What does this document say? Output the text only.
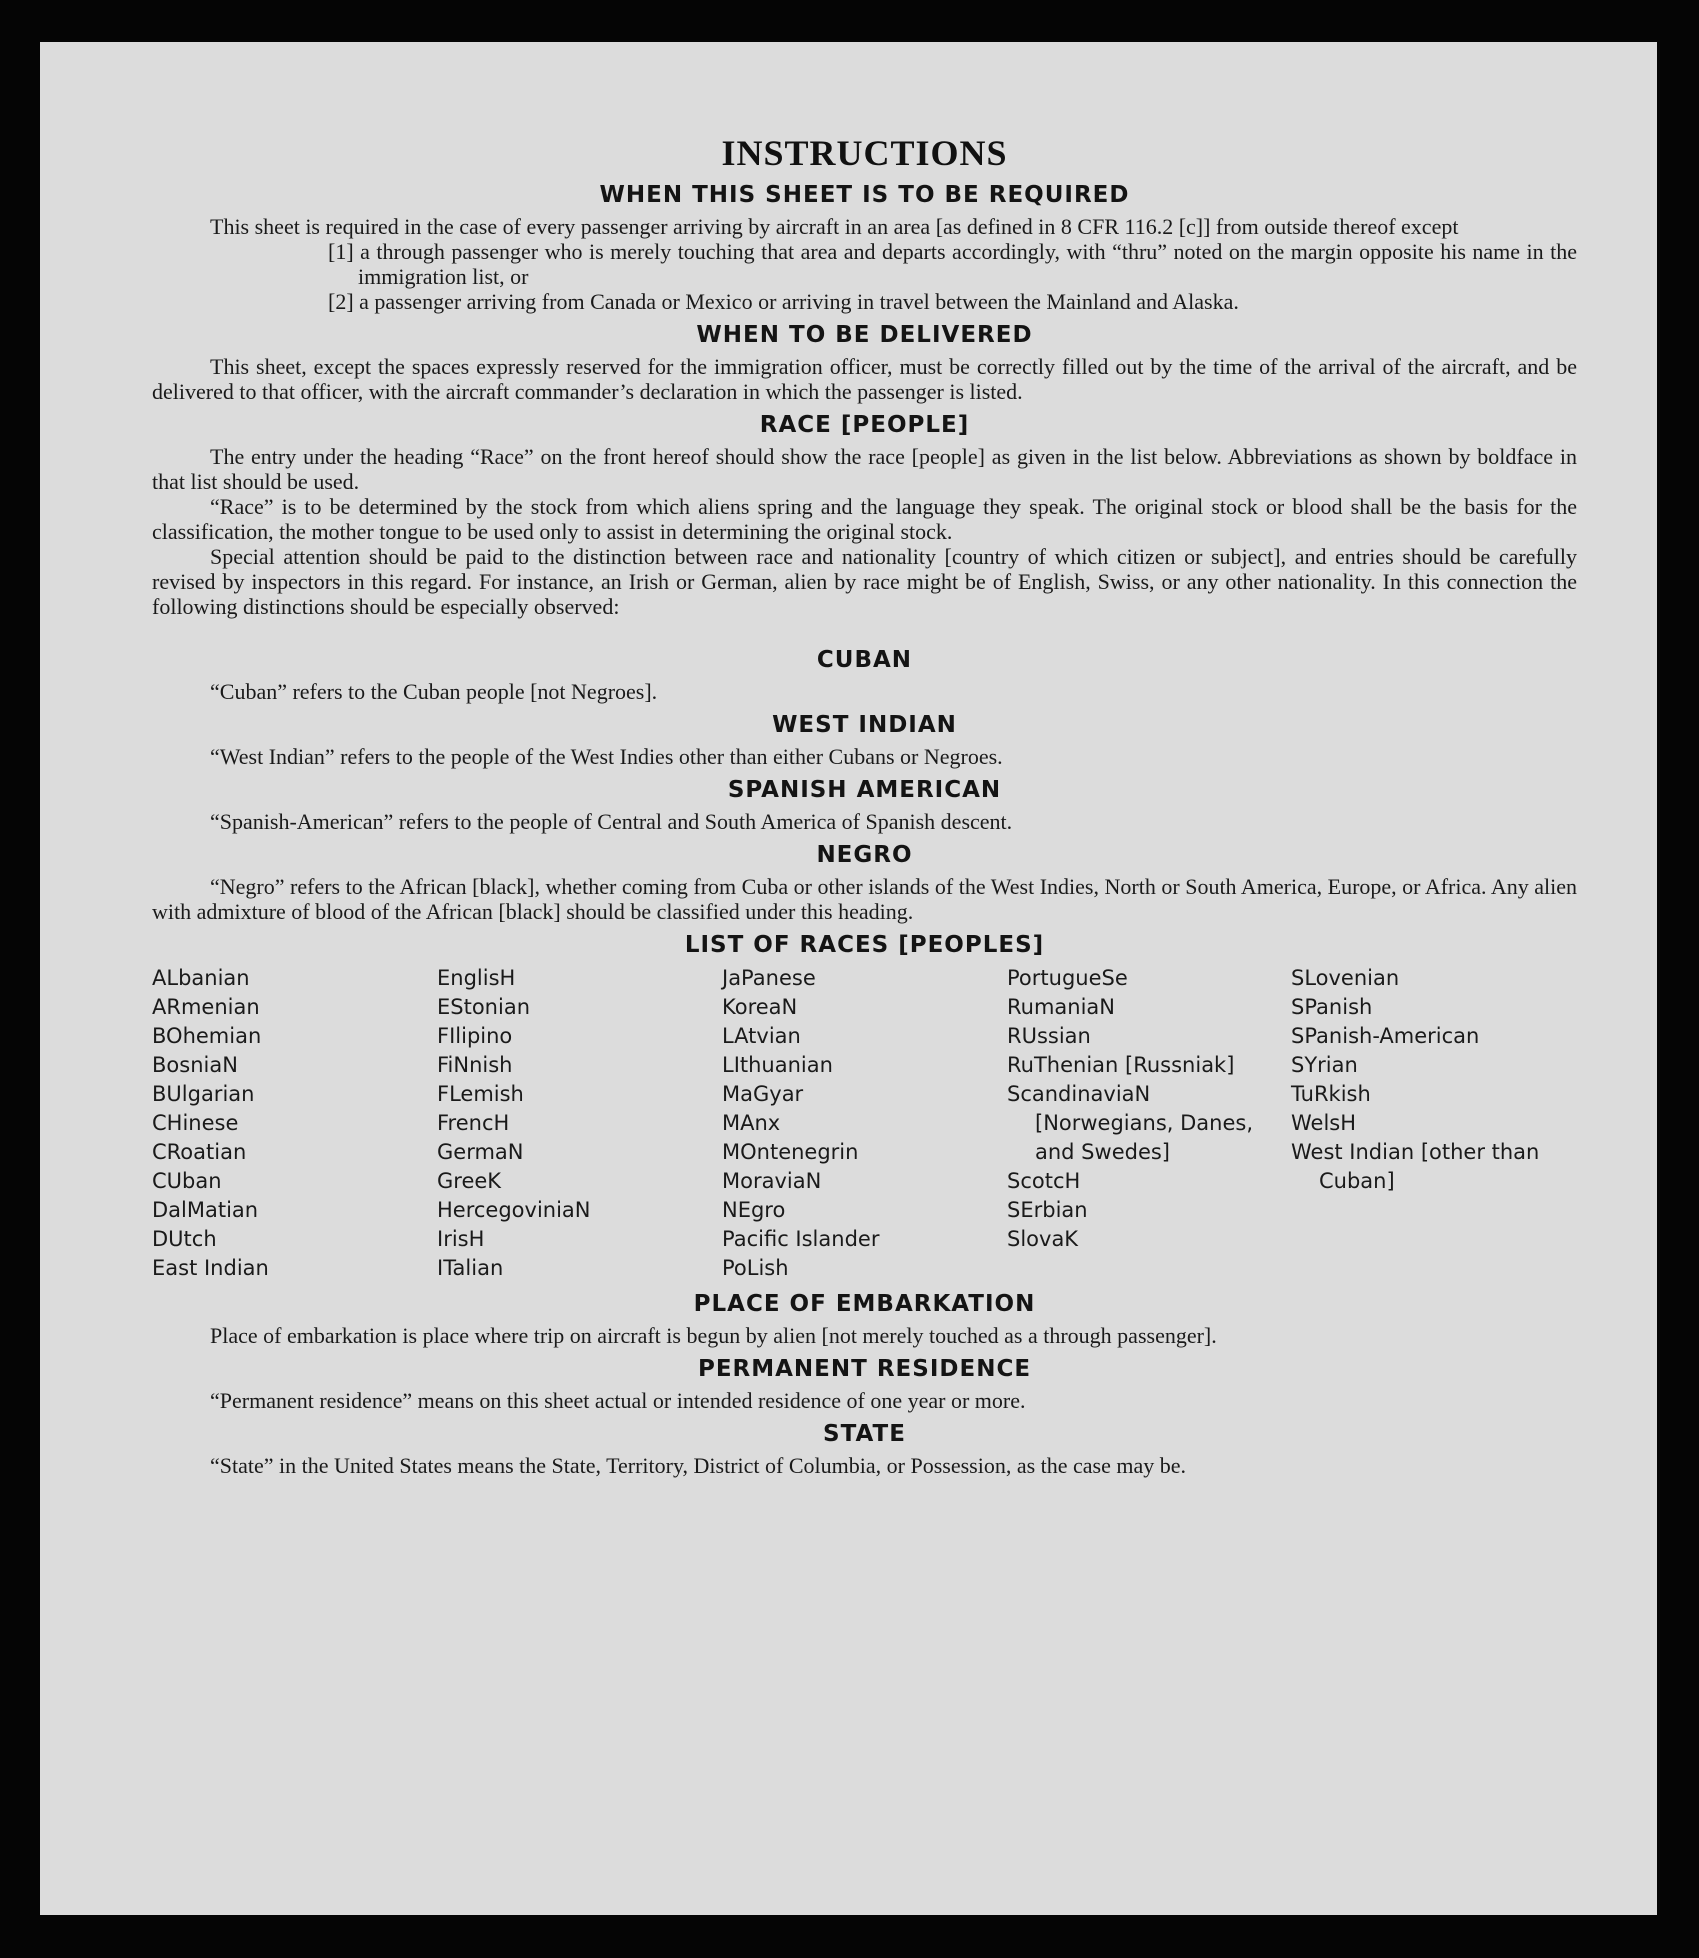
INSTRUCTIONS
WHEN THIS SHEET IS TO BE REQUIRED

This sheet is required in the case of every passenger arriving by aircraft in an area [as defined in 8 CFR 116.2 [c]] from outside thereof except

[1] a through passenger who is merely touching that area and departs accordingly, with “thru” noted on the margin opposite his name in the immigration list, or

[2] a passenger arriving from Canada or Mexico or arriving in travel between the Mainland and Alaska.

WHEN TO BE DELIVERED

This sheet, except the spaces expressly reserved for the immigration officer, must be correctly filled out by the time of the arrival of the aircraft, and be delivered to that officer, with the aircraft commander’s declaration in which the passenger is listed.

RACE [PEOPLE]

The entry under the heading “Race” on the front hereof should show the race [people] as given in the list below. Abbreviations as shown by boldface in that list should be used.

“Race” is to be determined by the stock from which aliens spring and the language they speak. The original stock or blood shall be the basis for the classification, the mother tongue to be used only to assist in determining the original stock.

Special attention should be paid to the distinction between race and nationality [country of which citizen or subject], and entries should be carefully revised by inspectors in this regard. For instance, an Irish or German, alien by race might be of English, Swiss, or any other nationality. In this connection the following distinctions should be especially observed:

CUBAN

“Cuban” refers to the Cuban people [not Negroes].

WEST INDIAN

“West Indian” refers to the people of the West Indies other than either Cubans or Negroes.

SPANISH AMERICAN

“Spanish-American” refers to the people of Central and South America of Spanish descent.

NEGRO

“Negro” refers to the African [black], whether coming from Cuba or other islands of the West Indies, North or South America, Europe, or Africa. Any alien with admixture of blood of the African [black] should be classified under this heading.

LIST OF RACES [PEOPLES]
ALbanian
ARmenian
BOhemian
BosniaN
BUlgarian
CHinese
CRoatian
CUban
DalMatian
DUtch
East Indian
EnglisH
EStonian
FIlipino
FiNnish
FLemish
FrencH
GermaN
GreeK
HercegoviniaN
IrisH
ITalian
JaPanese
KoreaN
LAtvian
LIthuanian
MaGyar
MAnx
MOntenegrin
MoraviaN
NEgro
Pacific Islander
PoLish
PortugueSe
RumaniaN
RUssian
RuThenian [Russniak]
ScandinaviaN [Norwegians, Danes, and Swedes]
ScotcH
SErbian
SlovaK
SLovenian
SPanish
SPanish-American
SYrian
TuRkish
WelsH
West Indian [other than Cuban]
PLACE OF EMBARKATION

Place of embarkation is place where trip on aircraft is begun by alien [not merely touched as a through passenger].

PERMANENT RESIDENCE

“Permanent residence” means on this sheet actual or intended residence of one year or more.

STATE

“State” in the United States means the State, Territory, District of Columbia, or Possession, as the case may be.
